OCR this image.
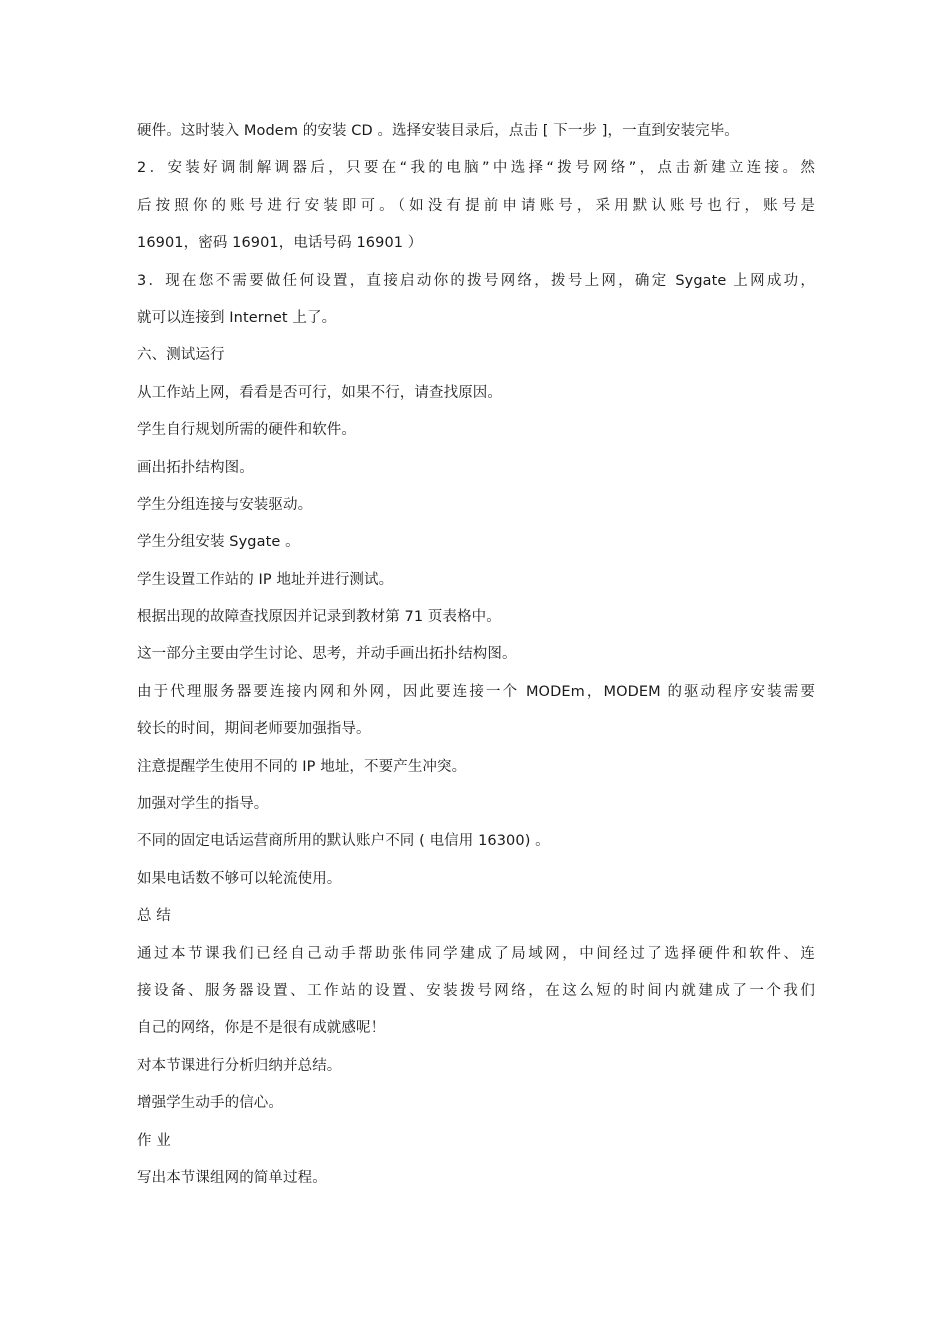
硬件。这时装入 Modem 的安装 CD 。选择安装目录后，点击 [ 下一步 ]，一直到安装完毕。

2．安装好调制解调器后，只要在“我的电脑”中选择“拨号网络”，点击新建立连接。然

后按照你的账号进行安装即可。（如没有提前申请账号，采用默认账号也行，账号是

16901，密码 16901，电话号码 16901 ）

3．现在您不需要做任何设置，直接启动你的拨号网络，拨号上网，确定 Sygate 上网成功，

就可以连接到 Internet 上了。

六、测试运行

从工作站上网，看看是否可行，如果不行，请查找原因。

学生自行规划所需的硬件和软件。

画出拓扑结构图。

学生分组连接与安装驱动。

学生分组安装 Sygate 。

学生设置工作站的 IP 地址并进行测试。

根据出现的故障查找原因并记录到教材第 71 页表格中。

这一部分主要由学生讨论、思考，并动手画出拓扑结构图。

由于代理服务器要连接内网和外网，因此要连接一个 MODEm，MODEM 的驱动程序安装需要

较长的时间，期间老师要加强指导。

注意提醒学生使用不同的 IP 地址，不要产生冲突。

加强对学生的指导。

不同的固定电话运营商所用的默认账户不同 ( 电信用 16300) 。

如果电话数不够可以轮流使用。

总 结

通过本节课我们已经自己动手帮助张伟同学建成了局域网，中间经过了选择硬件和软件、连

接设备、服务器设置、工作站的设置、安装拨号网络，在这么短的时间内就建成了一个我们

自己的网络，你是不是很有成就感呢！

对本节课进行分析归纳并总结。

增强学生动手的信心。

作 业

写出本节课组网的简单过程。
